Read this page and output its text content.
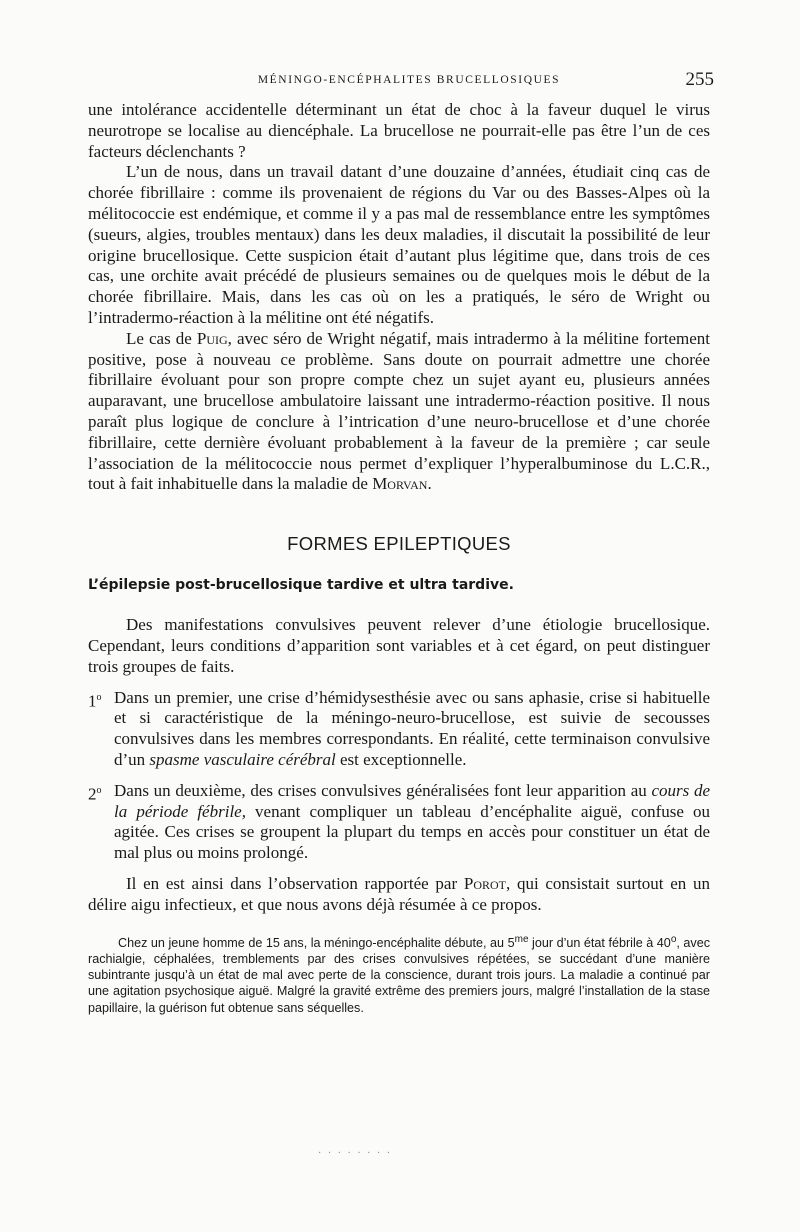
MÉNINGO-ENCÉPHALITES BRUCELLOSIQUES	255

une intolérance accidentelle déterminant un état de choc à la faveur duquel le virus neurotrope se localise au diencéphale. La brucellose ne pourrait-elle pas être l’un de ces facteurs déclenchants ?

L’un de nous, dans un travail datant d’une douzaine d’années, étudiait cinq cas de chorée fibrillaire : comme ils provenaient de régions du Var ou des Basses-Alpes où la mélitococcie est endémique, et comme il y a pas mal de ressemblance entre les symptômes (sueurs, algies, troubles mentaux) dans les deux maladies, il discutait la possibilité de leur origine brucellosique. Cette suspicion était d’autant plus légitime que, dans trois de ces cas, une orchite avait précédé de plusieurs semaines ou de quelques mois le début de la chorée fibrillaire. Mais, dans les cas où on les a pratiqués, le séro de Wright ou l’intradermo-réaction à la mélitine ont été négatifs.

Le cas de Puig, avec séro de Wright négatif, mais intradermo à la mélitine fortement positive, pose à nouveau ce problème. Sans doute on pourrait admettre une chorée fibrillaire évoluant pour son propre compte chez un sujet ayant eu, plusieurs années auparavant, une brucellose ambulatoire laissant une intradermo-réaction positive. Il nous paraît plus logique de conclure à l’intrication d’une neuro-brucellose et d’une chorée fibrillaire, cette dernière évoluant probablement à la faveur de la première ; car seule l’association de la mélitococcie nous permet d’expliquer l’hyperalbuminose du L.C.R., tout à fait inhabituelle dans la maladie de Morvan.

FORMES EPILEPTIQUES
L’épilepsie post-brucellosique tardive et ultra tardive.

Des manifestations convulsives peuvent relever d’une étiologie brucellosique. Cependant, leurs conditions d’apparition sont variables et à cet égard, on peut distinguer trois groupes de faits.

1$^o$ Dans un premier, une crise d’hémidysesthésie avec ou sans aphasie, crise si habituelle et si caractéristique de la méningo-neuro-brucellose, est suivie de secousses convulsives dans les membres correspondants. En réalité, cette terminaison convulsive d’un spasme vasculaire cérébral est exceptionnelle.

2$^o$ Dans un deuxième, des crises convulsives généralisées font leur apparition au cours de la période fébrile, venant compliquer un tableau d’encéphalite aiguë, confuse ou agitée. Ces crises se groupent la plupart du temps en accès pour constituer un état de mal plus ou moins prolongé.

Il en est ainsi dans l’observation rapportée par Porot, qui consistait surtout en un délire aigu infectieux, et que nous avons déjà résumée à ce propos.

Chez un jeune homme de 15 ans, la méningo-encéphalite débute, au $5^{me}$ jour d’un état fébrile à 40$^o$, avec rachialgie, céphalées, tremblements par des crises convulsives répétées, se succédant d’une manière subintrante jusqu’à un état de mal avec perte de la conscience, durant trois jours. La maladie a continué par une agitation psychosique aiguë. Malgré la gravité extrême des premiers jours, malgré l’installation de la stase papillaire, la guérison fut obtenue sans séquelles.

· · · · · · · ·
